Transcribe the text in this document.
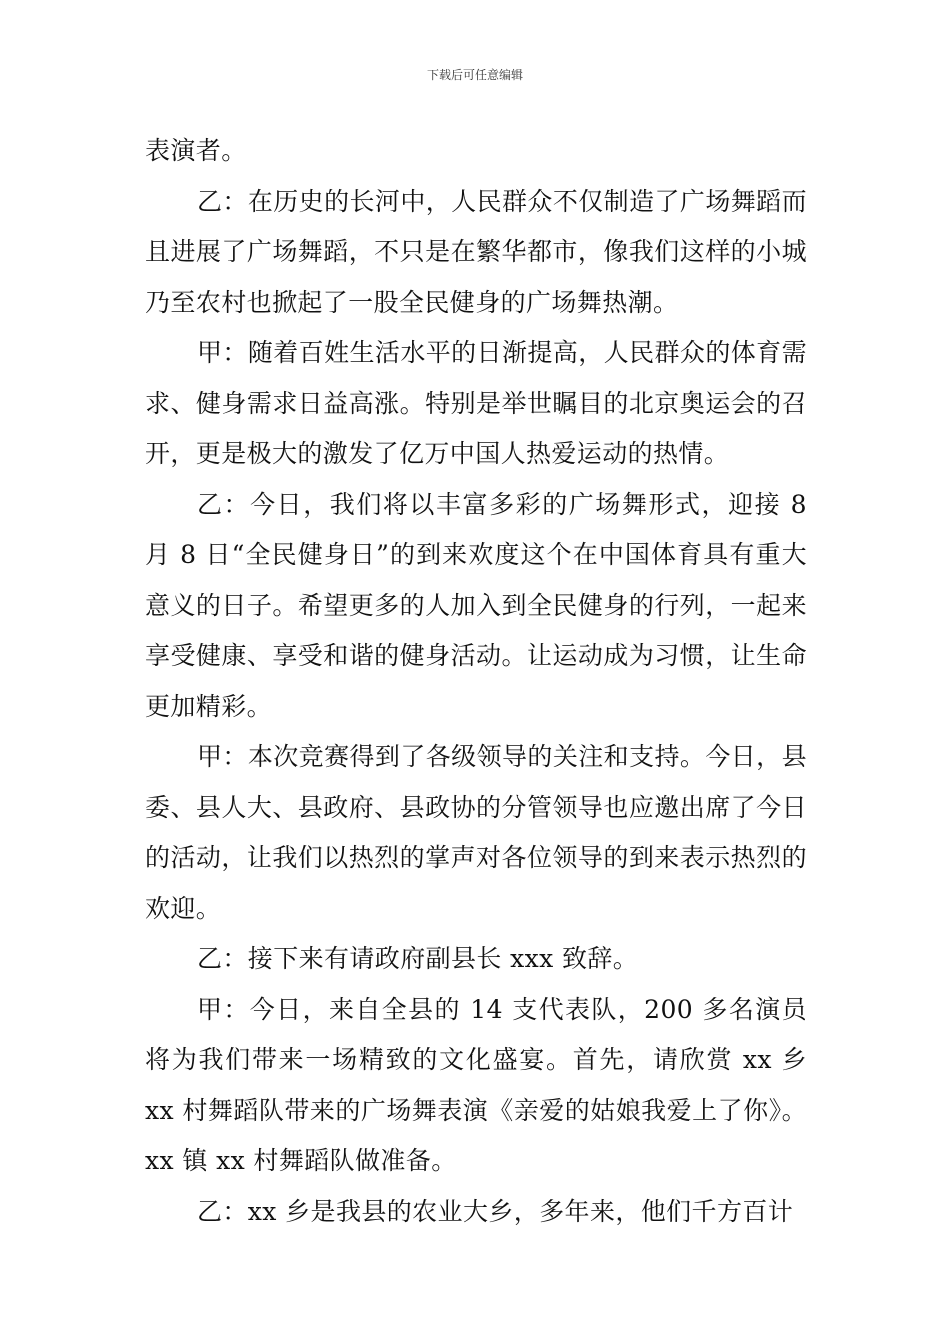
下载后可任意编辑

表演者。

乙：在历史的长河中，人民群众不仅制造了广场舞蹈而且进展了广场舞蹈，不只是在繁华都市，像我们这样的小城乃至农村也掀起了一股全民健身的广场舞热潮。

甲：随着百姓生活水平的日渐提高，人民群众的体育需求、健身需求日益高涨。特别是举世瞩目的北京奥运会的召开，更是极大的激发了亿万中国人热爱运动的热情。

乙：今日，我们将以丰富多彩的广场舞形式，迎接 8 月 8 日“全民健身日”的到来欢度这个在中国体育具有重大意义的日子。希望更多的人加入到全民健身的行列，一起来享受健康、享受和谐的健身活动。让运动成为习惯，让生命更加精彩。

甲：本次竞赛得到了各级领导的关注和支持。今日，县委、县人大、县政府、县政协的分管领导也应邀出席了今日的活动，让我们以热烈的掌声对各位领导的到来表示热烈的欢迎。

乙：接下来有请政府副县长 xxx 致辞。

甲：今日，来自全县的 14 支代表队，200 多名演员将为我们带来一场精致的文化盛宴。首先，请欣赏 xx 乡 xx 村舞蹈队带来的广场舞表演《亲爱的姑娘我爱上了你》。xx 镇 xx 村舞蹈队做准备。

乙：xx 乡是我县的农业大乡，多年来，他们千方百计
